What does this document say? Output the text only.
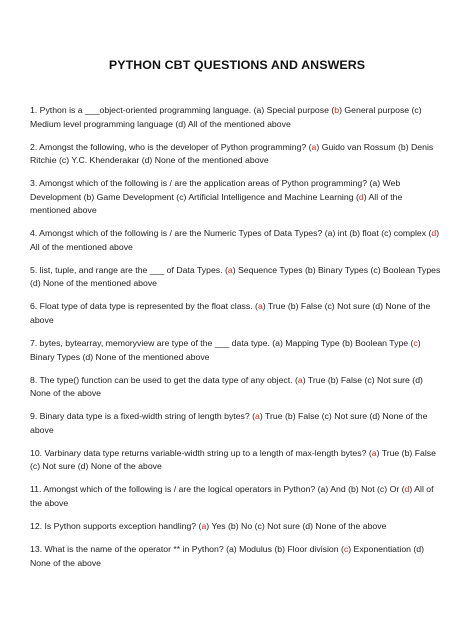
PYTHON CBT QUESTIONS AND ANSWERS

1. Python is a ___object-oriented programming language. (a) Special purpose (b) General purpose (c) Medium level programming language (d) All of the mentioned above

2. Amongst the following, who is the developer of Python programming? (a) Guido van Rossum (b) Denis Ritchie (c) Y.C. Khenderakar (d) None of the mentioned above

3. Amongst which of the following is / are the application areas of Python programming? (a) Web Development (b) Game Development (c) Artificial Intelligence and Machine Learning (d) All of the mentioned above

4. Amongst which of the following is / are the Numeric Types of Data Types? (a) int (b) float (c) complex (d) All of the mentioned above

5. list, tuple, and range are the ___ of Data Types. (a) Sequence Types (b) Binary Types (c) Boolean Types (d) None of the mentioned above

6. Float type of data type is represented by the float class. (a) True (b) False (c) Not sure (d) None of the above

7. bytes, bytearray, memoryview are type of the ___ data type. (a) Mapping Type (b) Boolean Type (c) Binary Types (d) None of the mentioned above

8. The type() function can be used to get the data type of any object. (a) True (b) False (c) Not sure (d) None of the above

9. Binary data type is a fixed-width string of length bytes? (a) True (b) False (c) Not sure (d) None of the above

10. Varbinary data type returns variable-width string up to a length of max-length bytes? (a) True (b) False (c) Not sure (d) None of the above

11. Amongst which of the following is / are the logical operators in Python? (a) And (b) Not (c) Or (d) All of the above

12. Is Python supports exception handling? (a) Yes (b) No (c) Not sure (d) None of the above

13. What is the name of the operator ** in Python? (a) Modulus (b) Floor division (c) Exponentiation (d) None of the above
